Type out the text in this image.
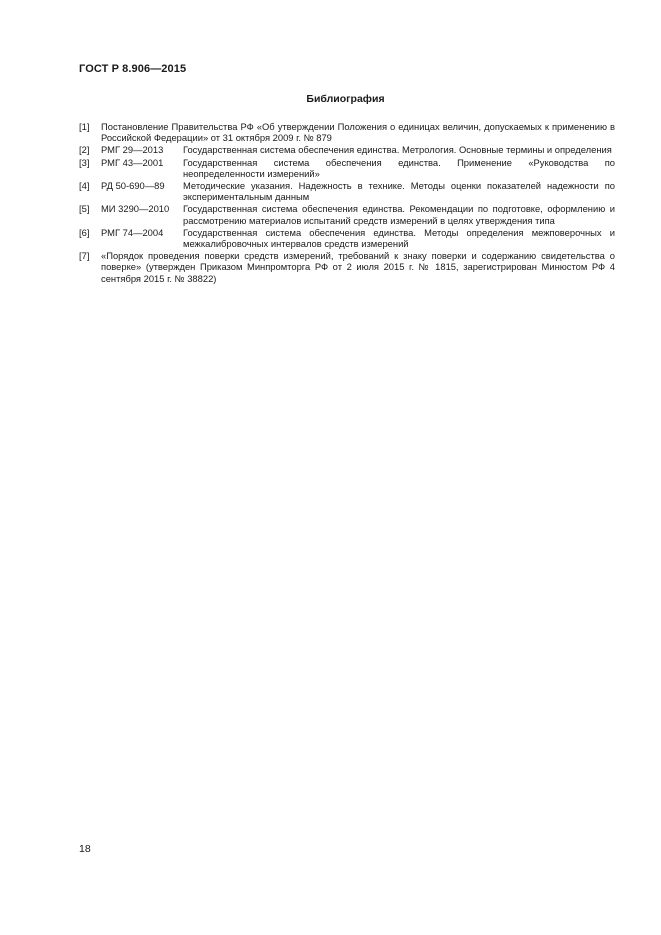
ГОСТ Р 8.906—2015
Библиография
[1] Постановление Правительства РФ «Об утверждении Положения о единицах величин, допускаемых к применению в Российской Федерации» от 31 октября 2009 г. № 879
[2] РМГ 29—2013	Государственная система обеспечения единства. Метрология. Основные термины и определения
[3] РМГ 43—2001	Государственная система обеспечения единства. Применение «Руководства по неопределенности измерений»
[4] РД 50-690—89	Методические указания. Надежность в технике. Методы оценки показателей надежности по экспериментальным данным
[5] МИ 3290—2010	Государственная система обеспечения единства. Рекомендации по подготовке, оформлению и рассмотрению материалов испытаний средств измерений в целях утверждения типа
[6] РМГ 74—2004	Государственная система обеспечения единства. Методы определения межповерочных и межкалибровочных интервалов средств измерений
[7] «Порядок проведения поверки средств измерений, требований к знаку поверки и содержанию свидетельства о поверке» (утвержден Приказом Минпромторга РФ от 2 июля 2015 г. № 1815, зарегистрирован Минюстом РФ 4 сентября 2015 г. № 38822)
18
